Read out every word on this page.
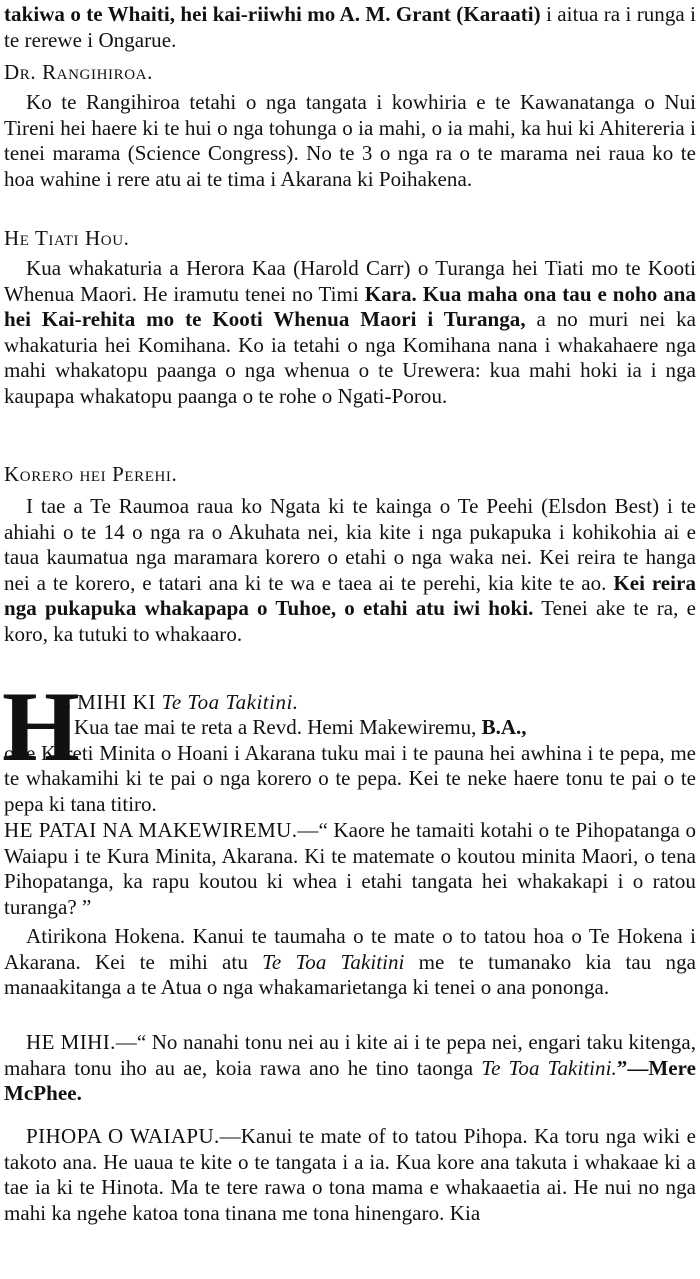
takiwa o te Whaiti, hei kai-riiwhi mo A. M. Grant (Karaati) i aitua ra i runga i te rerewe i Ongarue.

Dr. Rangihiroa.

Ko te Rangihiroa tetahi o nga tangata i kowhiria e te Kawanatanga o Nui Tireni hei haere ki te hui o nga tohunga o ia mahi, o ia mahi, ka hui ki Ahitereria i tenei marama (Science Congress). No te 3 o nga ra o te marama nei raua ko te hoa wahine i rere atu ai te tima i Akarana ki Poihakena.

He Tiati Hou.

Kua whakaturia a Herora Kaa (Harold Carr) o Turanga hei Tiati mo te Kooti Whenua Maori. He iramutu tenei no Timi Kara. Kua maha ona tau e noho ana hei Kai-rehita mo te Kooti Whenua Maori i Turanga, a no muri nei ka whakaturia hei Komihana. Ko ia tetahi o nga Komihana nana i whakahaere nga mahi whakatopu paanga o nga whenua o te Urewera: kua mahi hoki ia i nga kaupapa whakatopu paanga o te rohe o Ngati-Porou.

Korero hei Perehi.

I tae a Te Raumoa raua ko Ngata ki te kainga o Te Peehi (Elsdon Best) i te ahiahi o te 14 o nga ra o Akuhata nei, kia kite i nga pukapuka i kohikohia ai e taua kaumatua nga maramara korero o etahi o nga waka nei. Kei reira te hanga nei a te korero, e tatari ana ki te wa e taea ai te perehi, kia kite te ao. Kei reira nga pukapuka whakapapa o Tuhoe, o etahi atu iwi hoki. Tenei ake te ra, e koro, ka tutuki to whakaaro.

H

E MIHI KI Te Toa Takitini.

Kua tae mai te reta a Revd. Hemi Makewiremu, B.A.,
o te Kareti Minita o Hoani i Akarana tuku mai i te pauna hei awhina i te pepa, me te whakamihi ki te pai o nga korero o te pepa. Kei te neke haere tonu te pai o te pepa ki tana titiro.

HE PATAI NA MAKEWIREMU.—“ Kaore he tamaiti kotahi o te Pihopatanga o Waiapu i te Kura Minita, Akarana. Ki te matemate o koutou minita Maori, o tena Pihopatanga, ka rapu koutou ki whea i etahi tangata hei whakakapi i o ratou turanga? ”

Atirikona Hokena. Kanui te taumaha o te mate o to tatou hoa o Te Hokena i Akarana. Kei te mihi atu Te Toa Takitini me te tumanako kia tau nga manaakitanga a te Atua o nga whakamarietanga ki tenei o ana pononga.

HE MIHI.—“ No nanahi tonu nei au i kite ai i te pepa nei, engari taku kitenga, mahara tonu iho au ae, koia rawa ano he tino taonga Te Toa Takitini.”—Mere McPhee.

PIHOPA O WAIAPU.—Kanui te mate of to tatou Pihopa. Ka toru nga wiki e takoto ana. He uaua te kite o te tangata i a ia. Kua kore ana takuta i whakaae ki a tae ia ki te Hinota. Ma te tere rawa o tona mama e whakaaetia ai. He nui no nga mahi ka ngehe katoa tona tinana me tona hinengaro. Kia
